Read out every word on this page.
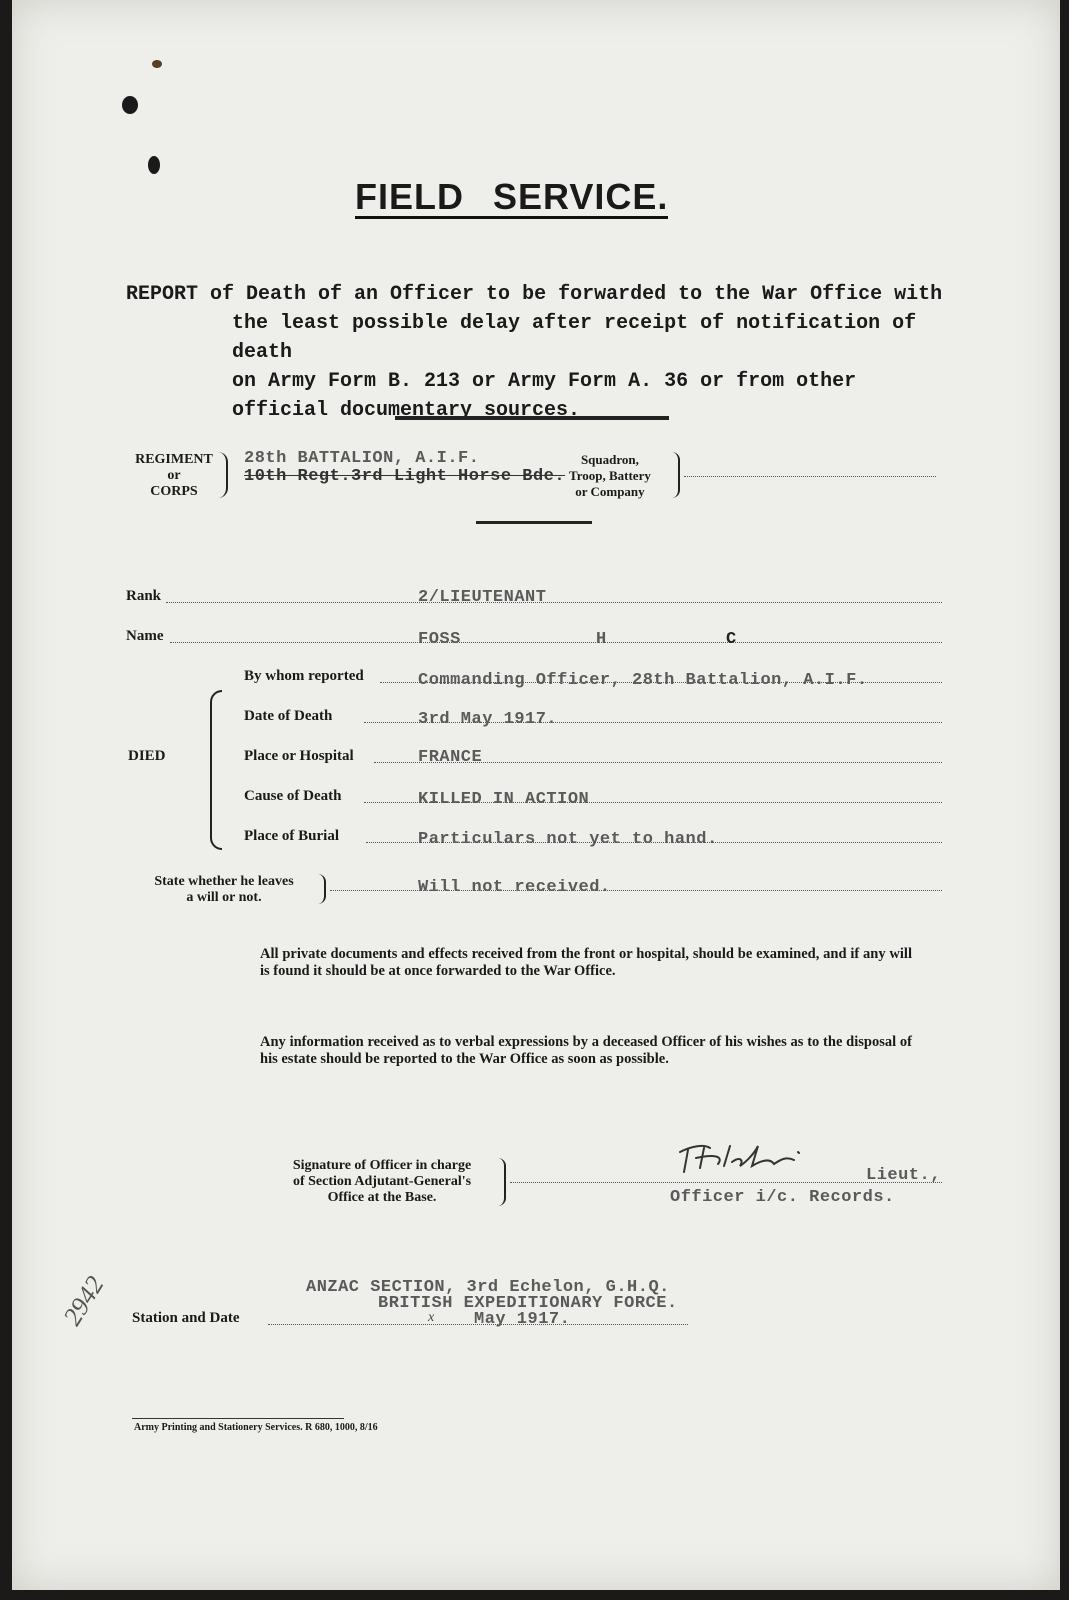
FIELD SERVICE.
REPORT of Death of an Officer to be forwarded to the War Office with
the least possible delay after receipt of notification of death
on Army Form B. 213 or Army Form A. 36 or from other
official documentary sources.
REGIMENT
or
CORPS
28th BATTALION, A.I.F.
10th Regt.3rd Light Horse Bde.
Squadron,
Troop, Battery
or Company
Rank	2/LIEUTENANT
Name	FOSS	H	C
DIED
By whom reported	Commanding Officer, 28th Battalion, A.I.F.
Date of Death	3rd May 1917.
Place or Hospital	FRANCE
Cause of Death	KILLED IN ACTION
Place of Burial	Particulars not yet to hand.
State whether he leaves
a will or not.
Will not received.
All private documents and effects received from the front or hospital, should be examined, and if any will is found it should be at once forwarded to the War Office.
Any information received as to verbal expressions by a deceased Officer of his wishes as to the disposal of his estate should be reported to the War Office as soon as possible.
Signature of Officer in charge
of Section Adjutant-General's
Office at the Base.
Lieut.,
Officer i/c. Records.
ANZAC SECTION, 3rd Echelon, G.H.Q.
BRITISH EXPEDITIONARY FORCE.
Station and Date	x May 1917.
2942
Army Printing and Stationery Services. R 680, 1000, 8/16
